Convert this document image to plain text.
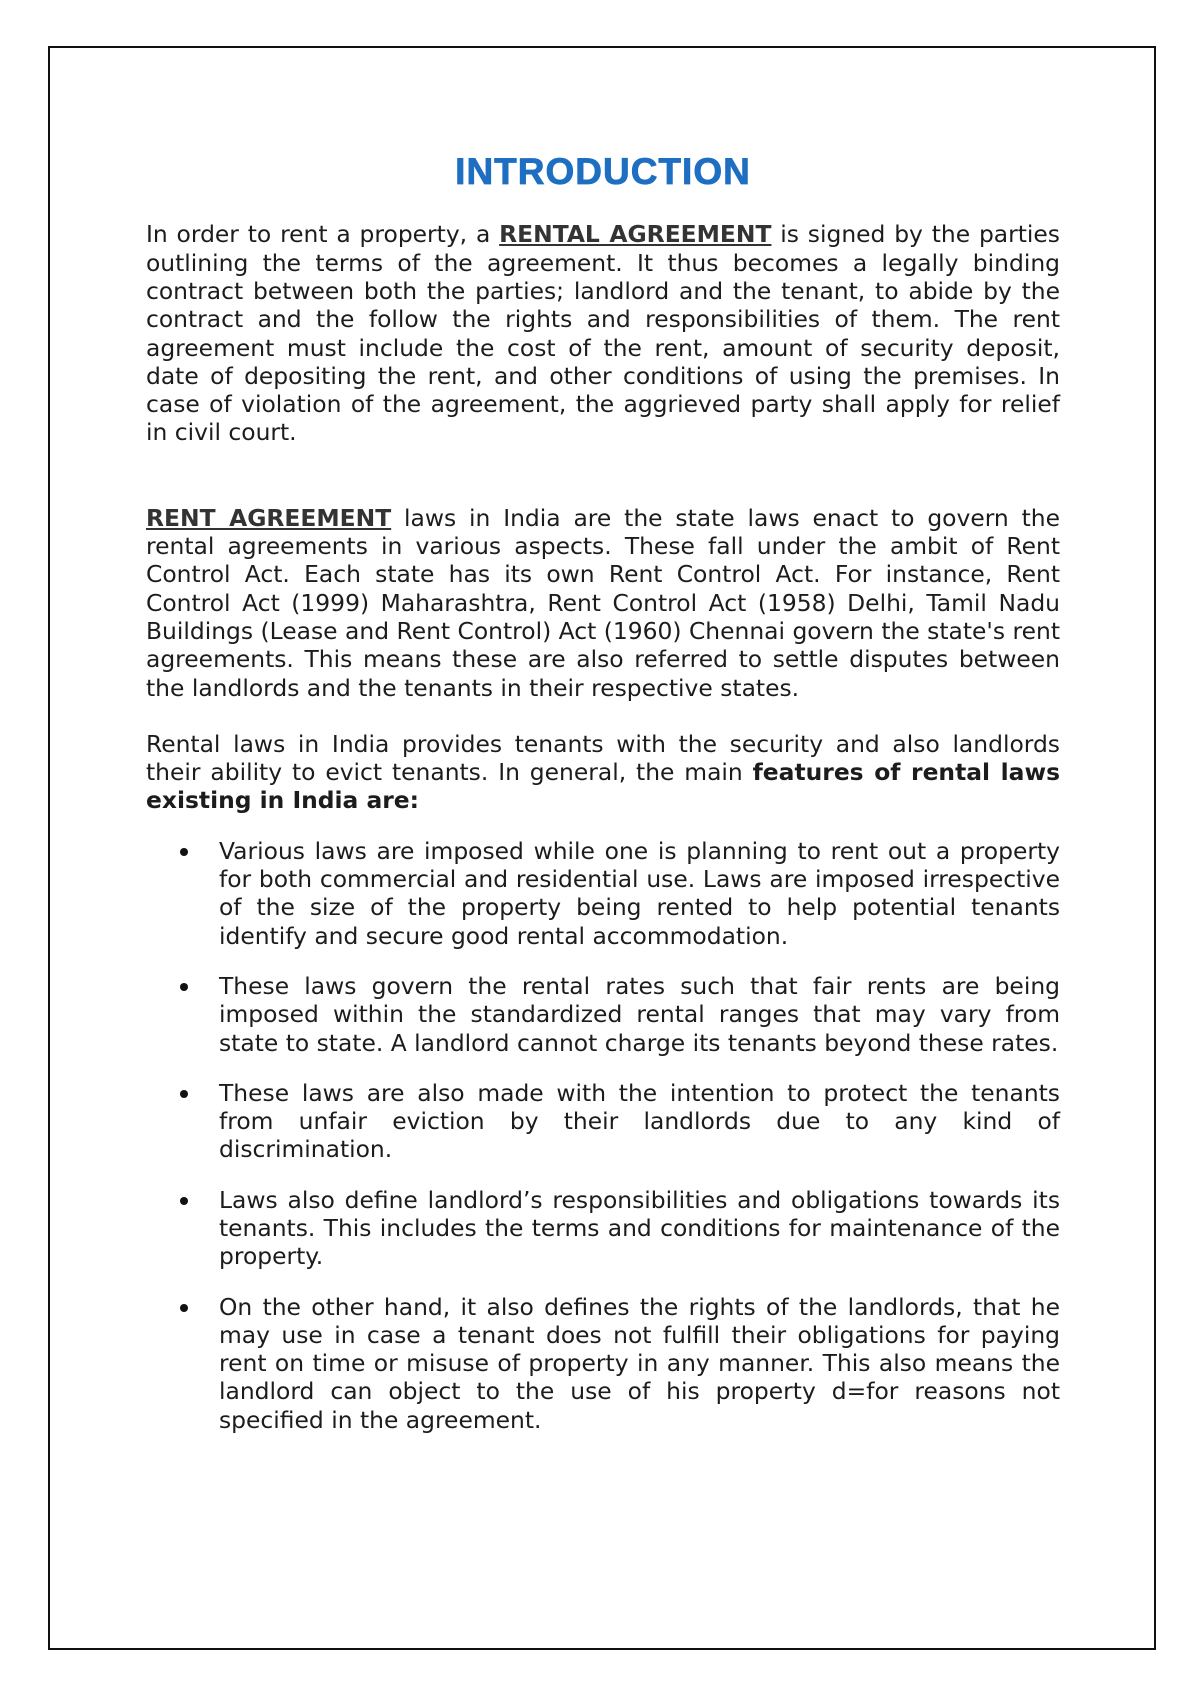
INTRODUCTION

In order to rent a property, a RENTAL AGREEMENT is signed by the parties outlining the terms of the agreement. It thus becomes a legally binding contract between both the parties; landlord and the tenant, to abide by the contract and the follow the rights and responsibilities of them. The rent agreement must include the cost of the rent, amount of security deposit, date of depositing the rent, and other conditions of using the premises. In case of violation of the agreement, the aggrieved party shall apply for relief in civil court.

RENT AGREEMENT laws in India are the state laws enact to govern the rental agreements in various aspects. These fall under the ambit of Rent Control Act. Each state has its own Rent Control Act. For instance, Rent Control Act (1999) Maharashtra, Rent Control Act (1958) Delhi, Tamil Nadu Buildings (Lease and Rent Control) Act (1960) Chennai govern the state's rent agreements. This means these are also referred to settle disputes between the landlords and the tenants in their respective states.

Rental laws in India provides tenants with the security and also landlords their ability to evict tenants. In general, the main features of rental laws existing in India are:

Various laws are imposed while one is planning to rent out a property for both commercial and residential use. Laws are imposed irrespective of the size of the property being rented to help potential tenants identify and secure good rental accommodation.
These laws govern the rental rates such that fair rents are being imposed within the standardized rental ranges that may vary from state to state. A landlord cannot charge its tenants beyond these rates.
These laws are also made with the intention to protect the tenants from unfair eviction by their landlords due to any kind of discrimination.
Laws also define landlord’s responsibilities and obligations towards its tenants. This includes the terms and conditions for maintenance of the property.
On the other hand, it also defines the rights of the landlords, that he may use in case a tenant does not fulfill their obligations for paying rent on time or misuse of property in any manner. This also means the landlord can object to the use of his property d=for reasons not specified in the agreement.
